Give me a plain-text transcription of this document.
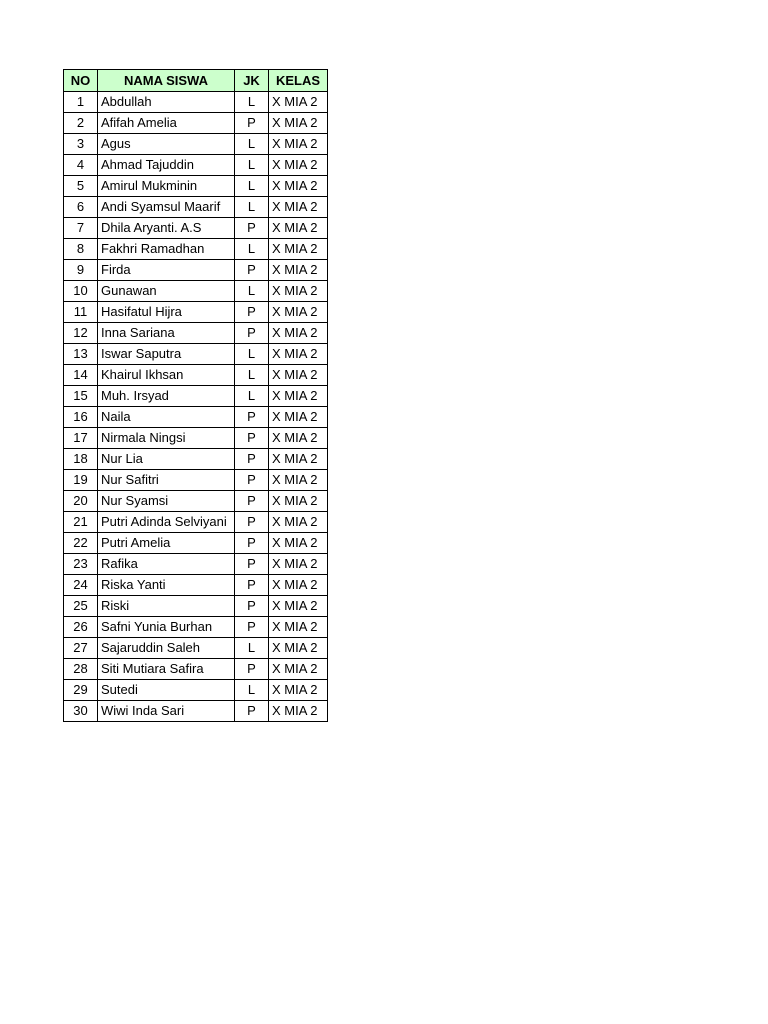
NO	NAMA SISWA	JK	KELAS
1	Abdullah	L	X MIA 2
2	Afifah Amelia	P	X MIA 2
3	Agus	L	X MIA 2
4	Ahmad Tajuddin	L	X MIA 2
5	Amirul Mukminin	L	X MIA 2
6	Andi Syamsul Maarif	L	X MIA 2
7	Dhila Aryanti. A.S	P	X MIA 2
8	Fakhri Ramadhan	L	X MIA 2
9	Firda	P	X MIA 2
10	Gunawan	L	X MIA 2
11	Hasifatul Hijra	P	X MIA 2
12	Inna Sariana	P	X MIA 2
13	Iswar Saputra	L	X MIA 2
14	Khairul Ikhsan	L	X MIA 2
15	Muh. Irsyad	L	X MIA 2
16	Naila	P	X MIA 2
17	Nirmala Ningsi	P	X MIA 2
18	Nur Lia	P	X MIA 2
19	Nur Safitri	P	X MIA 2
20	Nur Syamsi	P	X MIA 2
21	Putri Adinda Selviyani	P	X MIA 2
22	Putri Amelia	P	X MIA 2
23	Rafika	P	X MIA 2
24	Riska Yanti	P	X MIA 2
25	Riski	P	X MIA 2
26	Safni Yunia Burhan	P	X MIA 2
27	Sajaruddin Saleh	L	X MIA 2
28	Siti Mutiara Safira	P	X MIA 2
29	Sutedi	L	X MIA 2
30	Wiwi Inda Sari	P	X MIA 2
